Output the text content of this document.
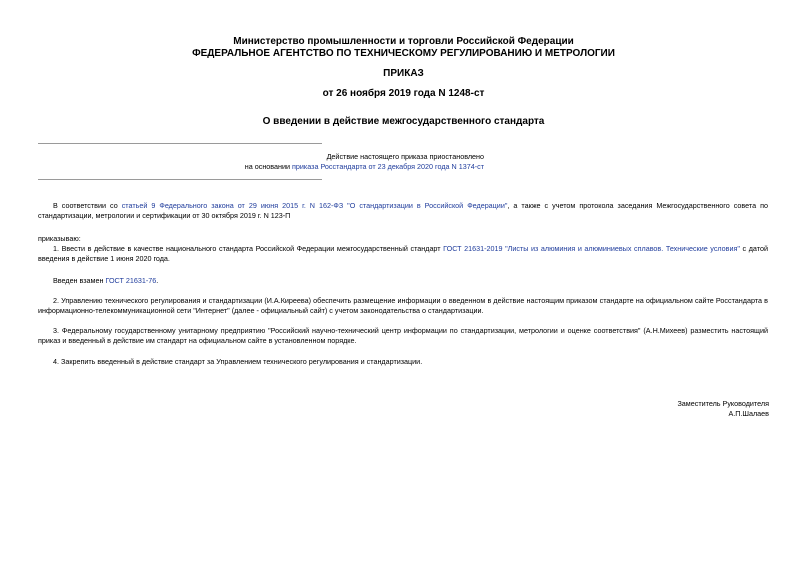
Министерство промышленности и торговли Российской Федерации
ФЕДЕРАЛЬНОЕ АГЕНТСТВО ПО ТЕХНИЧЕСКОМУ РЕГУЛИРОВАНИЮ И МЕТРОЛОГИИ
ПРИКАЗ
от 26 ноября 2019 года N 1248-ст
О введении в действие межгосударственного стандарта
Действие настоящего приказа приостановлено
на основании приказа Росстандарта от 23 декабря 2020 года N 1374-ст
В соответствии со статьей 9 Федерального закона от 29 июня 2015 г. N 162-ФЗ "О стандартизации в Российской Федерации", а также с учетом протокола заседания Межгосударственного совета по стандартизации, метрологии и сертификации от 30 октября 2019 г. N 123-П
приказываю:
1. Ввести в действие в качестве национального стандарта Российской Федерации межгосударственный стандарт ГОСТ 21631-2019 "Листы из алюминия и алюминиевых сплавов. Технические условия" с датой введения в действие 1 июня 2020 года.
Введен взамен ГОСТ 21631-76.
2. Управлению технического регулирования и стандартизации (И.А.Киреева) обеспечить размещение информации о введенном в действие настоящим приказом стандарте на официальном сайте Росстандарта в информационно-телекоммуникационной сети "Интернет" (далее - официальный сайт) с учетом законодательства о стандартизации.
3. Федеральному государственному унитарному предприятию "Российский научно-технический центр информации по стандартизации, метрологии и оценке соответствия" (А.Н.Михеев) разместить настоящий приказ и введенный в действие им стандарт на официальном сайте в установленном порядке.
4. Закрепить введенный в действие стандарт за Управлением технического регулирования и стандартизации.
Заместитель Руководителя
А.П.Шалаев
